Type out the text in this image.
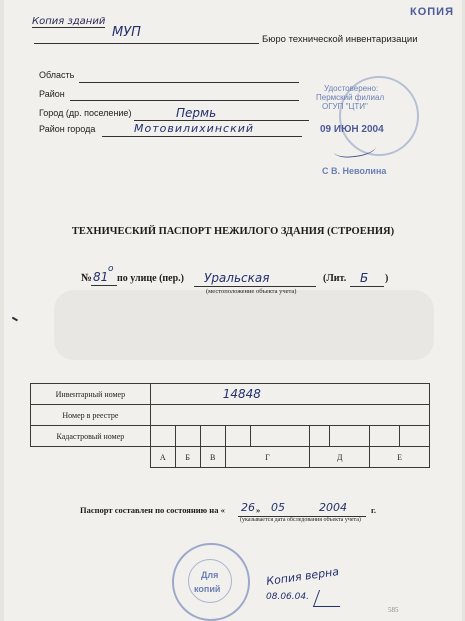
Копия зданий
КОПИЯ
МУП	Бюро технической инвентаризации
Область
Район
Город (др. поселение)	Пермь
Район города	Мотовилихинский
Удостоверено:
Пермский филиал
ОГУП "ЦТИ"
09 ИЮН 2004
С В. Неволина
ТЕХНИЧЕСКИЙ ПАСПОРТ НЕЖИЛОГО ЗДАНИЯ (СТРОЕНИЯ)
№ 81
о
по улице (пер.) Уральская
(местоположение объекта учета)
(Лит. Б )
Инвентарный номер	14848								

Номер в реестре									
Кадастровый номер									
	А	Б	В	Г		Д		Е	
Паспорт составлен по состоянию на « 26 » 05	2004	г.
(указывается дата обследования объекта учета)
Для
копий
Копия верна
08.06.04.
585
